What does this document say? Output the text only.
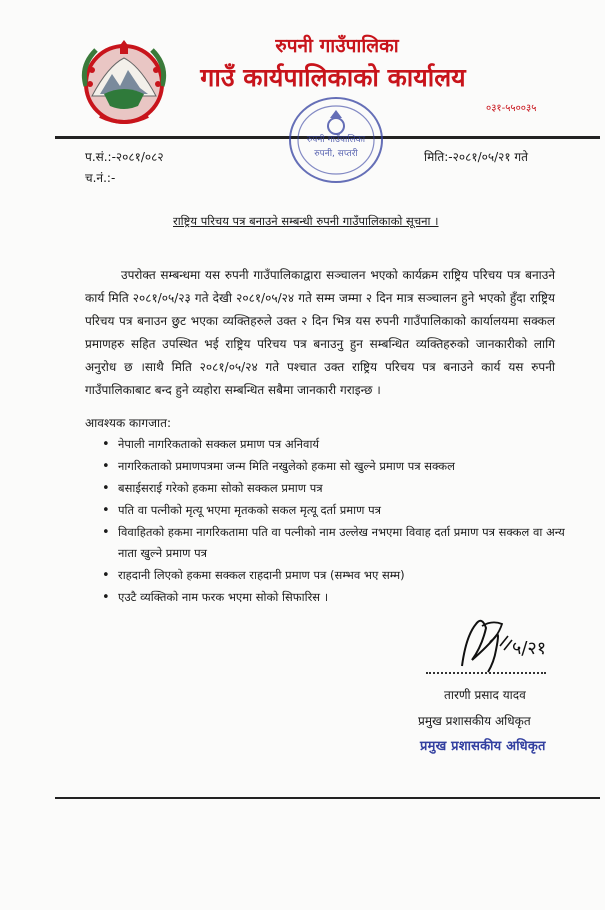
रुपनी गाउँपालिका
गाउँ कार्यपालिकाको कार्यालय
०३१-५५००३५
रुपनी गाउँपालिका
रुपनी, सप्तरी
प.सं.:-२०८१/०८२
च.नं.:-
मिति:-२०८१/०५/२१ गते
राष्ट्रिय परिचय पत्र बनाउने सम्बन्धी रुपनी गाउँपालिकाको सूचना ।

उपरोक्त सम्बन्धमा यस रुपनी गाउँपालिकाद्वारा सञ्चालन भएको कार्यक्रम राष्ट्रिय परिचय पत्र बनाउने कार्य मिति २०८१/०५/२३ गते देखी २०८१/०५/२४ गते सम्म जम्मा २ दिन मात्र सञ्चालन हुने भएको हुँदा राष्ट्रिय परिचय पत्र बनाउन छुट भएका व्यक्तिहरुले उक्त २ दिन भित्र यस रुपनी गाउँपालिकाको कार्यालयमा सक्कल प्रमाणहरु सहित उपस्थित भई राष्ट्रिय परिचय पत्र बनाउनु हुन सम्बन्धित व्यक्तिहरुको जानकारीको लागि अनुरोध छ ।साथै मिति २०८१/०५/२४ गते पश्चात उक्त राष्ट्रिय परिचय पत्र बनाउने कार्य यस रुपनी गाउँपालिकाबाट बन्द हुने व्यहोरा सम्बन्धित सबैमा जानकारी गराइन्छ ।

आवश्यक कागजात:
• नेपाली नागरिकताको सक्कल प्रमाण पत्र अनिवार्य
• नागरिकताको प्रमाणपत्रमा जन्म मिति नखुलेको हकमा सो खुल्ने प्रमाण पत्र सक्कल
• बसाईसराई गरेको हकमा सोको सक्कल प्रमाण पत्र
• पति वा पत्नीको मृत्यू भएमा मृतकको सकल मृत्यू दर्ता प्रमाण पत्र
• विवाहितको हकमा नागरिकतामा पति वा पत्नीको नाम उल्लेख नभएमा विवाह दर्ता प्रमाण पत्र सक्कल वा अन्य नाता खुल्ने प्रमाण पत्र
• राहदानी लिएको हकमा सक्कल राहदानी प्रमाण पत्र (सम्भव भए सम्म)
• एउटै व्यक्तिको नाम फरक भएमा सोको सिफारिस ।
५/२१
तारणी प्रसाद यादव
प्रमुख प्रशासकीय अधिकृत
प्रमुख प्रशासकीय अधिकृत
